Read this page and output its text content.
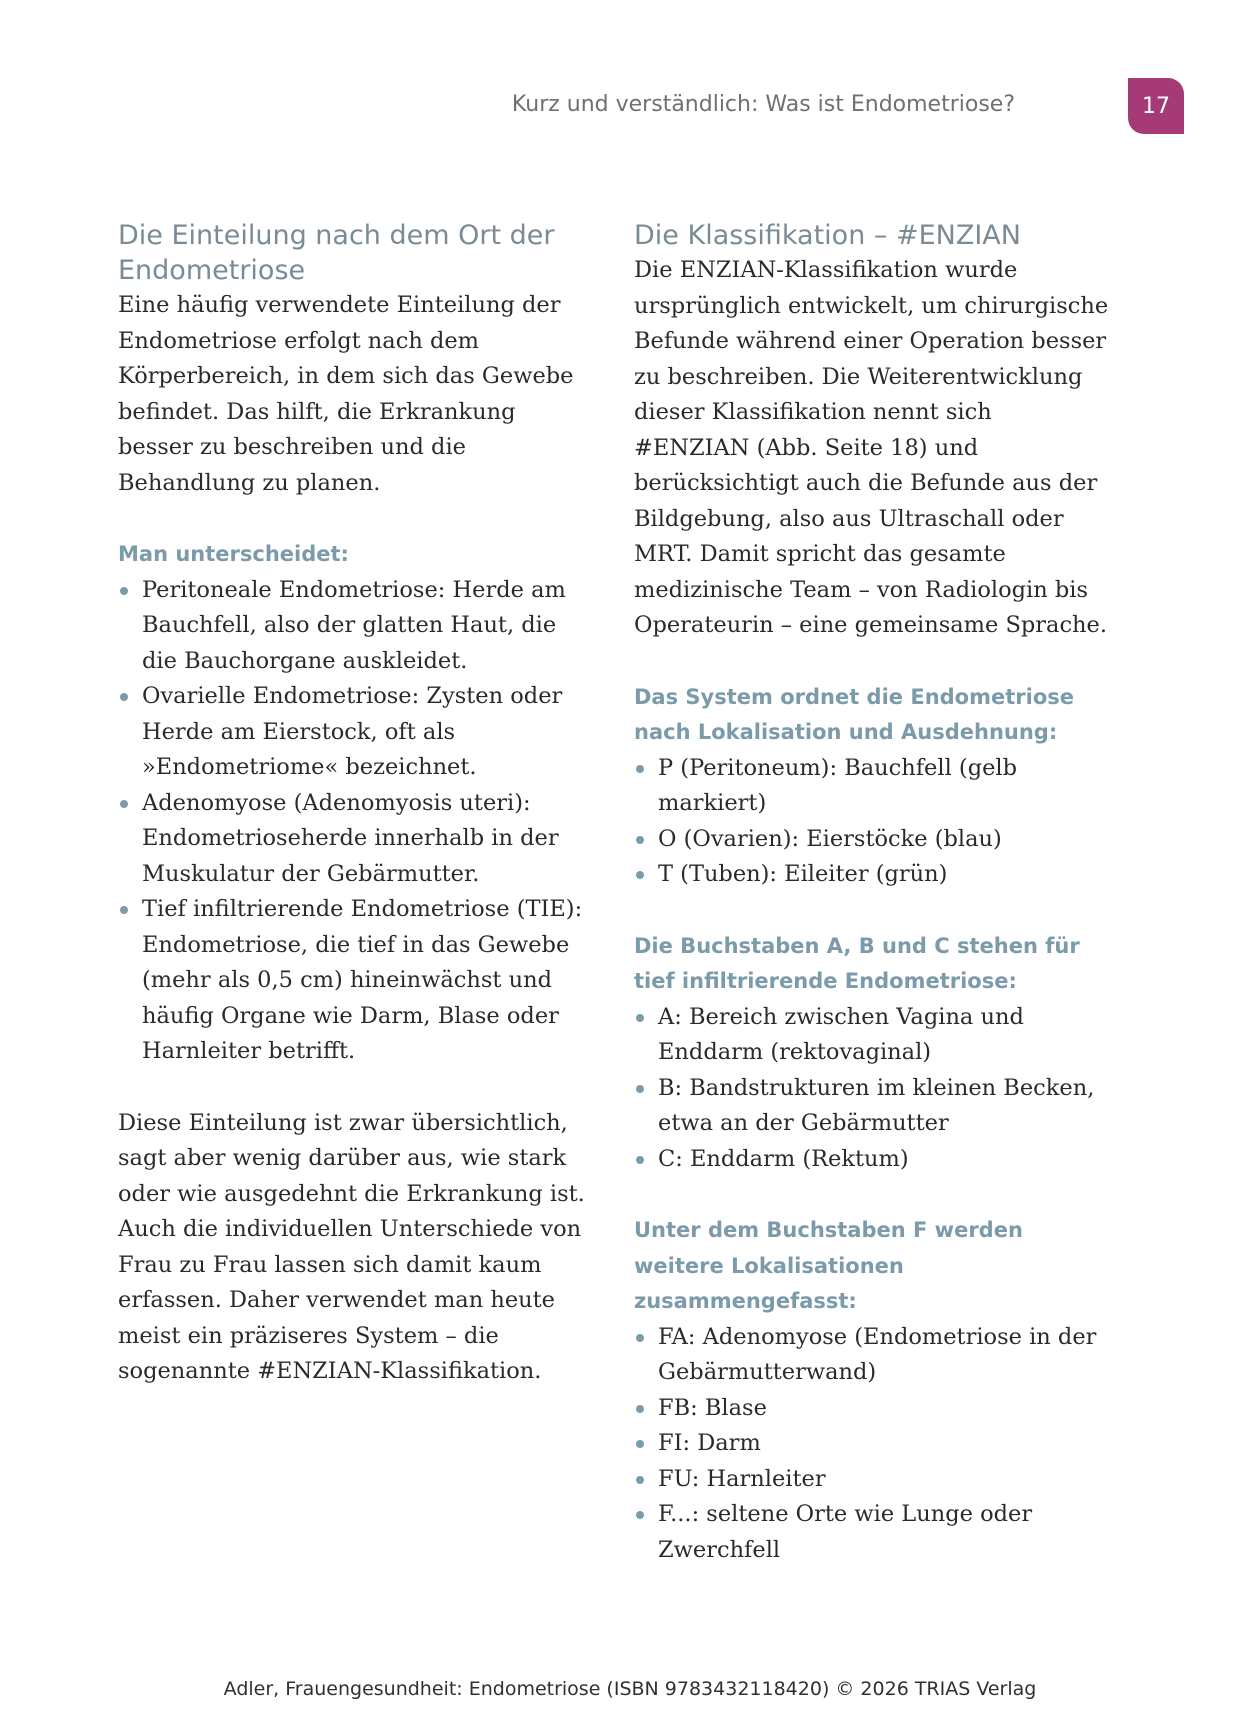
Kurz und verständlich: Was ist Endometriose?	17
Die Einteilung nach dem Ort der Endometriose

Eine häufig verwendete Einteilung der Endometriose erfolgt nach dem Körperbereich, in dem sich das Gewebe befindet. Das hilft, die Erkrankung besser zu beschreiben und die Behandlung zu planen.

Man unterscheidet:
Peritoneale Endometriose: Herde am Bauchfell, also der glatten Haut, die die Bauchorgane auskleidet.
Ovarielle Endometriose: Zysten oder Herde am Eierstock, oft als »Endometriome« bezeichnet.
Adenomyose (Adenomyosis uteri): Endometrioseherde innerhalb in der Muskulatur der Gebärmutter.
Tief infiltrierende Endometriose (TIE): Endometriose, die tief in das Gewebe (mehr als 0,5 cm) hineinwächst und häufig Organe wie Darm, Blase oder Harnleiter betrifft.

Diese Einteilung ist zwar übersichtlich, sagt aber wenig darüber aus, wie stark oder wie ausgedehnt die Erkrankung ist. Auch die individuellen Unterschiede von Frau zu Frau lassen sich damit kaum erfassen. Daher verwendet man heute meist ein präziseres System – die sogenannte #ENZIAN-Klassifikation.

Die Klassifikation – #ENZIAN

Die ENZIAN-Klassifikation wurde ursprünglich entwickelt, um chirurgische Befunde während einer Operation besser zu beschreiben. Die Weiterentwicklung dieser Klassifikation nennt sich #ENZIAN (Abb. Seite 18) und berücksichtigt auch die Befunde aus der Bildgebung, also aus Ultraschall oder MRT. Damit spricht das gesamte medizinische Team – von Radiologin bis Operateurin – eine gemeinsame Sprache.

Das System ordnet die Endometriose nach Lokalisation und Ausdehnung:
P (Peritoneum): Bauchfell (gelb markiert)
O (Ovarien): Eierstöcke (blau)
T (Tuben): Eileiter (grün)
Die Buchstaben A, B und C stehen für tief infiltrierende Endometriose:
A: Bereich zwischen Vagina und Enddarm (rektovaginal)
B: Bandstrukturen im kleinen Becken, etwa an der Gebärmutter
C: Enddarm (Rektum)
Unter dem Buchstaben F werden weitere Lokalisationen zusammengefasst:
FA: Adenomyose (Endometriose in der Gebärmutterwand)
FB: Blase
FI: Darm
FU: Harnleiter
F...: seltene Orte wie Lunge oder Zwerchfell
Adler, Frauengesundheit: Endometriose (ISBN 9783432118420) © 2026 TRIAS Verlag
